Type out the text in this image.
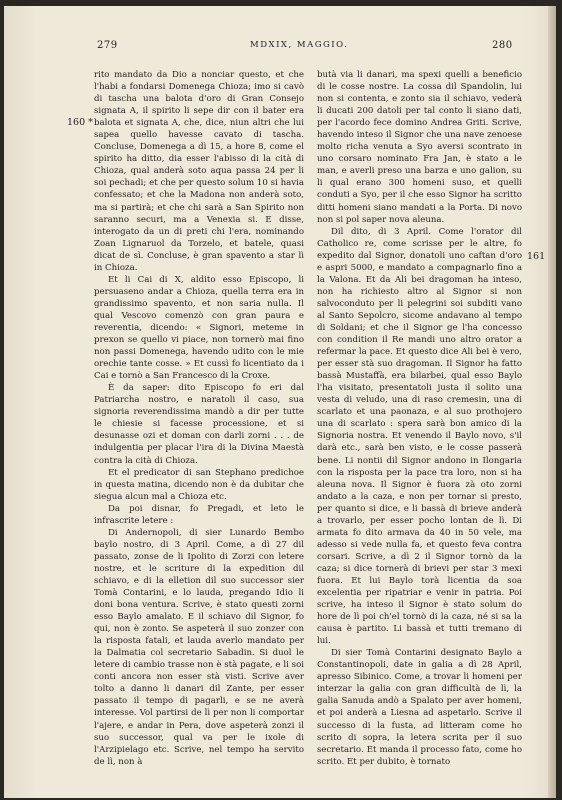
279	MDXIX, MAGGIO.	280
160 *
161

rito mandato da Dio a nonciar questo, et che l'habi a fondarsi Domenega Chioza; imo si cavò di tascha una balota d'oro di Gran Consejo signata A, il spirito li sepe dir con il bater era balota et signata A, che, dice, niun altri che lui sapea quello havesse cavato di tascha. Concluse, Domenega a dì 15, a hore 8, come el spirito ha ditto, dia esser l'abisso di la cità di Chioza, qual anderà soto aqua passa 24 per li soi pechadi; et che per questo solum 10 si havia confessato; et che la Madona non anderà soto, ma si partirà; et che chi sarà a San Spirito non saranno securi, ma a Venexia si. E disse, interogato da un di preti chi l'era, nominando Zoan Lignaruol da Torzelo, et batele, quasi dicat de sì. Concluse, è gran spavento a star lì in Chioza.

Et li Cai di X, aldito esso Episcopo, li persuaseno andar a Chioza, quella terra era in grandissimo spavento, et non saria nulla. Il qual Vescovo comenzò con gran paura e reverentia, dicendo: « Signori, meteme in prexon se quello vi piace, non tornerò mai fino non passi Domenega, havendo udito con le mie orechie tante cosse. » Et cussì fo licentiato da i Cai e tornò a San Francesco di la Croxe.

È da saper: dito Episcopo fo eri dal Patriarcha nostro, e naratoli il caso, sua signoria reverendissima mandò a dir per tutte le chiesie si facesse processione, et si desunasse ozi et doman con darli zorni . . . de indulgentia per placar l'ira di la Divina Maestà contra la cità di Chioza.

Et el predicator di san Stephano predichoe in questa matina, dicendo non è da dubitar che siegua alcun mal a Chioza etc.

Da poi disnar, fo Pregadi, et leto le infrascrite letere :

Di Andernopoli, di sier Lunardo Bembo baylo nostro, di 3 April. Come, a dì 27 dil passato, zonse de li Ipolito di Zorzi con letere nostre, et le scriture di la expedition dil schiavo, e di la elletion dil suo successor sier Tomà Contarini, e lo lauda, pregando Idio li doni bona ventura. Scrive, è stato questi zorni esso Baylo amalato. E il schiavo dil Signor, fo qui, non è zonto. Se aspeterà il suo zonzer con la risposta fatali, et lauda averlo mandato per la Dalmatia col secretario Sabadin. Si duol le letere di cambio trasse non è stà pagate, e li soi conti ancora non esser stà visti. Scrive aver tolto a danno li danari dil Zante, per esser passato il tempo di pagarli, e se ne averà interesse. Vol partirsi de lì per non li comportar l'ajere, e andar in Pera, dove aspeterà zonzi il suo successor, qual va per le ixole di l'Arzipielago etc. Scrive, nel tempo ha servito de lì, non à

butà via li danari, ma spexi quelli a beneficio di le cosse nostre. La cossa dil Spandolin, lui non si contenta, e zonto sia il schiavo, vederà li ducati 200 datoli per tal conto li siano dati, per l'acordo fece domino Andrea Griti. Scrive, havendo inteso il Signor che una nave zenoese molto richa venuta a Syo aversi scontrato in uno corsaro nominato Fra Jan, è stato a le man, e averli preso una barza e uno galion, su li qual erano 300 homeni suso, et quelli conduti a Syo, per il che esso Signor ha scritto ditti homeni siano mandati a la Porta. Di novo non si pol saper nova aleuna.

Dil dito, di 3 April. Come l'orator dil Catholico re, come scrisse per le altre, fo expedito dal Signor, donatoli uno caftan d'oro e aspri 5000, e mandato a compagnarlo fino a la Valona. Et da Ali bei dragoman ha inteso, non ha richiesto altro al Signor si non salvoconduto per li pelegrini soi subditi vano al Santo Sepolcro, sicome andavano al tempo di Soldani; et che il Signor ge l'ha concesso con condition il Re mandi uno altro orator a refermar la pace. Et questo dice Ali bei è vero, per esser stà suo dragoman. Il Signor ha fatto bassà Mustaffà, era bilarbei, qual esso Baylo l'ha visitato, presentatoli justa il solito una vesta di veludo, una di raso cremesin, una di scarlato et una paonaza, e al suo prothojero una di scarlato : spera sarà bon amico di la Signoria nostra. Et venendo il Baylo novo, s'il darà etc., sarà ben visto, e le cosse passerà bene. Li nontii dil Signor andono in Ilongaria con la risposta per la pace tra loro, non si ha aleuna nova. Il Signor è fuora zà oto zorni andato a la caza, e non per tornar si presto, per quanto si dice, e li bassà di brieve anderà a trovarlo, per esser pocho lontan de lì. Di armata fo dito armava da 40 in 50 vele, ma adesso si vede nulla fa, et questo feva contra corsari. Scrive, a dì 2 il Signor tornò da la caza; si dice tornerà di brievi per star 3 mexi fuora. Et lui Baylo torà licentia da soa excelentia per ripatriar e venir in patria. Poi scrive, ha inteso il Signor è stato solum do hore de lì poi ch'el tornò di la caza, né si sa la causa è partito. Li bassà et tutti tremano di lui.

Di sier Tomà Contarini designato Baylo a Constantinopoli, date in galia a dì 28 April, apresso Sibinico. Come, a trovar li homeni per interzar la galia con gran difficultà de lì, la galia Sanuda andò a Spalato per aver homeni, et poi anderà a Liesna ad aspetarlo. Scrive il successo di la fusta, ad litteram come ho scrito di sopra, la letera scrita per il suo secretario. Et manda il processo fato, come ho scrito. Et per dubito, è tornato
